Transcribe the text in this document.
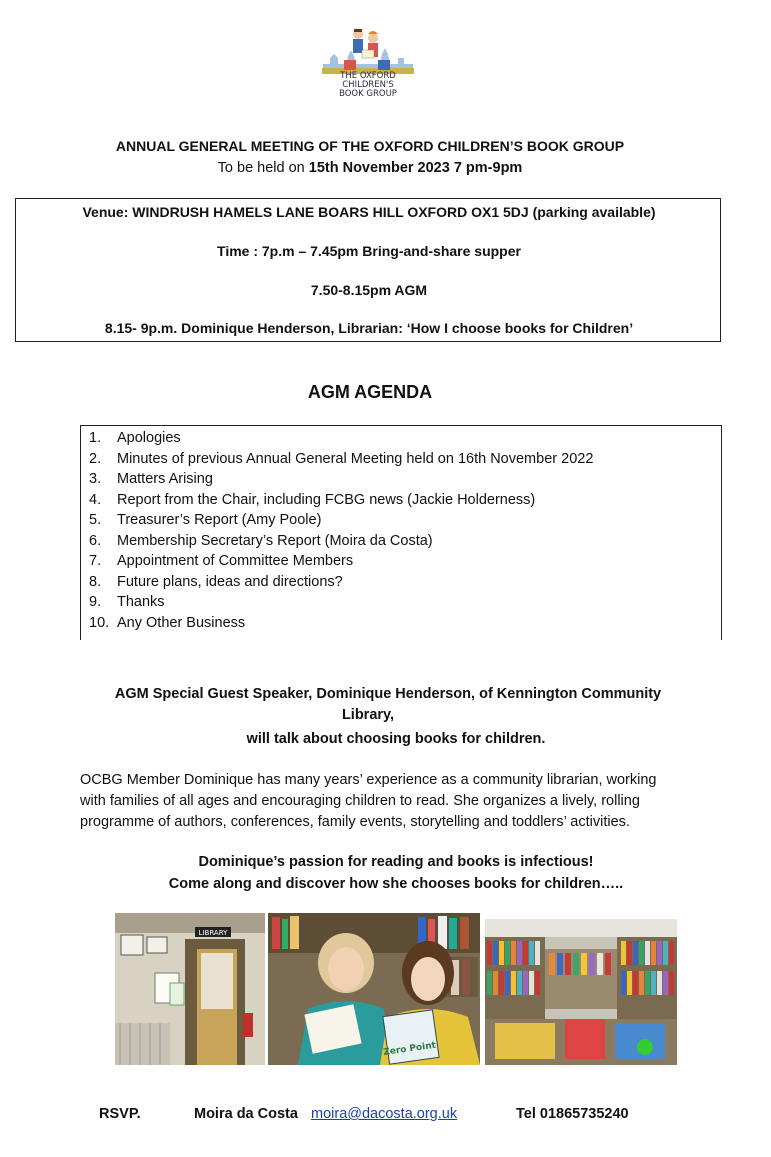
THE OXFORD CHILDREN'S
BOOK GROUP
ANNUAL GENERAL MEETING OF THE OXFORD CHILDREN’S BOOK GROUP
To be held on 15th November 2023 7 pm-9pm
Venue: WINDRUSH HAMELS LANE BOARS HILL OXFORD OX1 5DJ (parking available)
Time : 7p.m – 7.45pm Bring-and-share supper
7.50-8.15pm AGM
8.15- 9p.m. Dominique Henderson, Librarian: ‘How I choose books for Children’
AGM AGENDA
1. Apologies
2. Minutes of previous Annual General Meeting held on 16th November 2022
3. Matters Arising
4. Report from the Chair, including FCBG news (Jackie Holderness)
5. Treasurer’s Report (Amy Poole)
6. Membership Secretary’s Report (Moira da Costa)
7. Appointment of Committee Members
8. Future plans, ideas and directions?
9. Thanks
10. Any Other Business
AGM Special Guest Speaker, Dominique Henderson, of Kennington Community
Library,
will talk about choosing books for children.
OCBG Member Dominique has many years’ experience as a community librarian, working
with families of all ages and encouraging children to read. She organizes a lively, rolling
programme of authors, conferences, family events, storytelling and toddlers’ activities.
Dominique’s passion for reading and books is infectious!
Come along and discover how she chooses books for children…..
LIBRARY
Zero Point
RSVP.	Moira da Costa moira@dacosta.org.uk	Tel 01865735240
